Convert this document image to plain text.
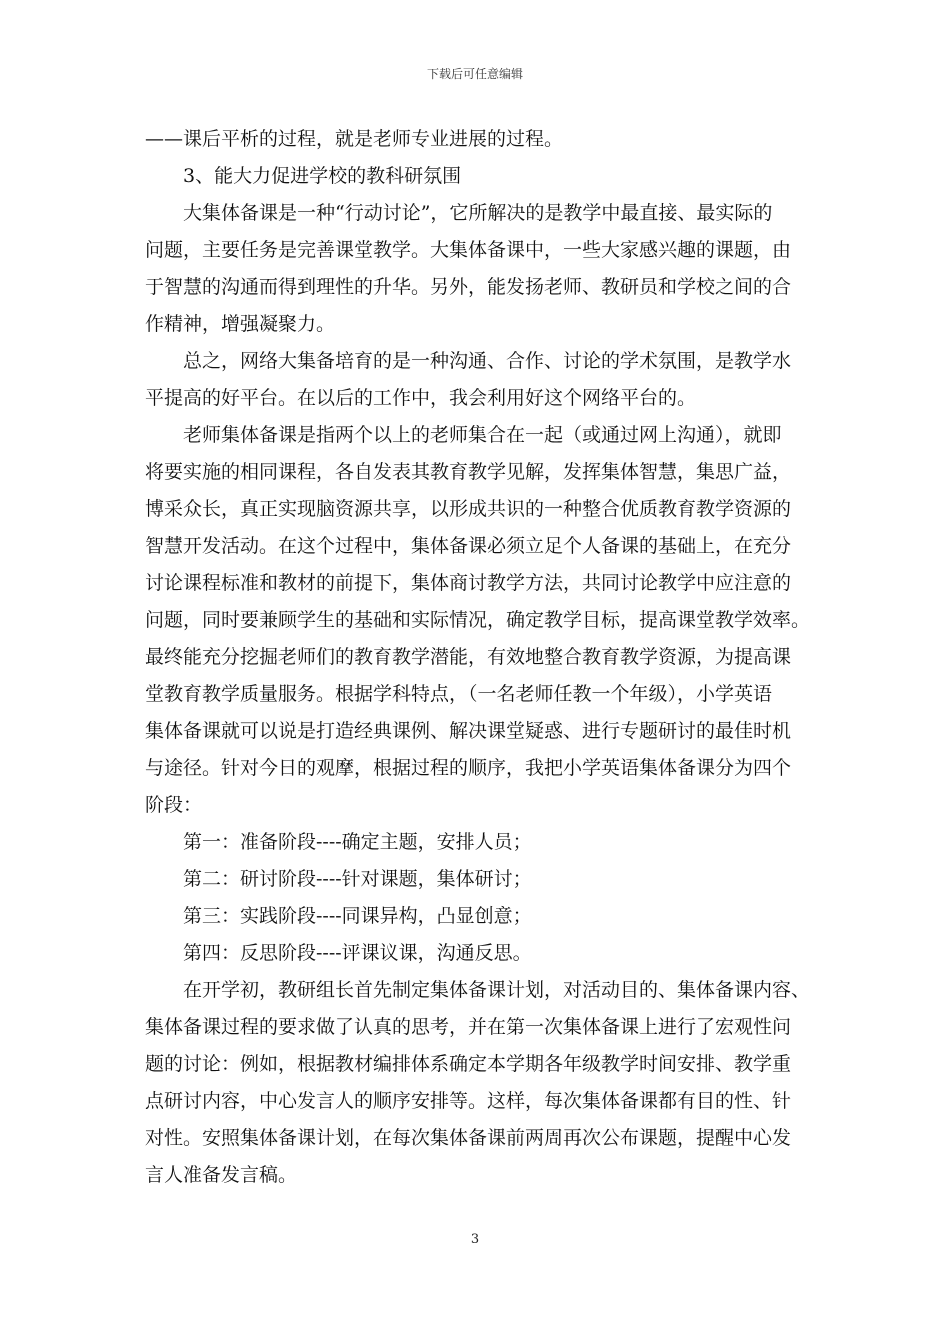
下载后可任意编辑
——课后平析的过程，就是老师专业进展的过程。
3、能大力促进学校的教科研氛围
大集体备课是一种“行动讨论”，它所解决的是教学中最直接、最实际的
问题，主要任务是完善课堂教学。大集体备课中，一些大家感兴趣的课题，由
于智慧的沟通而得到理性的升华。另外，能发扬老师、教研员和学校之间的合
作精神，增强凝聚力。
总之，网络大集备培育的是一种沟通、合作、讨论的学术氛围，是教学水
平提高的好平台。在以后的工作中，我会利用好这个网络平台的。
老师集体备课是指两个以上的老师集合在一起（或通过网上沟通），就即
将要实施的相同课程，各自发表其教育教学见解，发挥集体智慧，集思广益，
博采众长，真正实现脑资源共享，以形成共识的一种整合优质教育教学资源的
智慧开发活动。在这个过程中，集体备课必须立足个人备课的基础上，在充分
讨论课程标准和教材的前提下，集体商讨教学方法，共同讨论教学中应注意的
问题，同时要兼顾学生的基础和实际情况，确定教学目标，提高课堂教学效率。
最终能充分挖掘老师们的教育教学潜能，有效地整合教育教学资源，为提高课
堂教育教学质量服务。根据学科特点，（一名老师任教一个年级），小学英语
集体备课就可以说是打造经典课例、解决课堂疑惑、进行专题研讨的最佳时机
与途径。针对今日的观摩，根据过程的顺序，我把小学英语集体备课分为四个
阶段：
第一：准备阶段----确定主题，安排人员；
第二：研讨阶段----针对课题，集体研讨；
第三：实践阶段----同课异构，凸显创意；
第四：反思阶段----评课议课，沟通反思。
在开学初，教研组长首先制定集体备课计划，对活动目的、集体备课内容、
集体备课过程的要求做了认真的思考，并在第一次集体备课上进行了宏观性问
题的讨论：例如，根据教材编排体系确定本学期各年级教学时间安排、教学重
点研讨内容，中心发言人的顺序安排等。这样，每次集体备课都有目的性、针
对性。安照集体备课计划，在每次集体备课前两周再次公布课题，提醒中心发
言人准备发言稿。
3
